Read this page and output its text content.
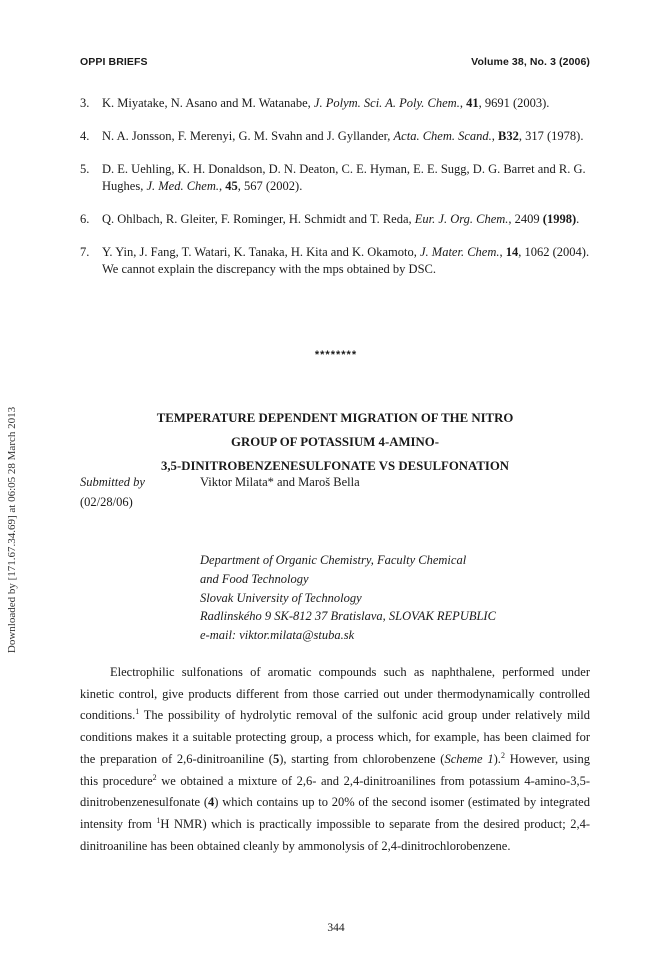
OPPI BRIEFS	Volume 38, No. 3 (2006)
Downloaded by [171.67.34.69] at 06:05 28 March 2013
3. K. Miyatake, N. Asano and M. Watanabe, J. Polym. Sci. A. Poly. Chem., 41, 9691 (2003).
4. N. A. Jonsson, F. Merenyi, G. M. Svahn and J. Gyllander, Acta. Chem. Scand., B32, 317 (1978).
5. D. E. Uehling, K. H. Donaldson, D. N. Deaton, C. E. Hyman, E. E. Sugg, D. G. Barret and R. G. Hughes, J. Med. Chem., 45, 567 (2002).
6. Q. Ohlbach, R. Gleiter, F. Rominger, H. Schmidt and T. Reda, Eur. J. Org. Chem., 2409 (1998).
7. Y. Yin, J. Fang, T. Watari, K. Tanaka, H. Kita and K. Okamoto, J. Mater. Chem., 14, 1062 (2004). We cannot explain the discrepancy with the mps obtained by DSC.
********
TEMPERATURE DEPENDENT MIGRATION OF THE NITRO
GROUP OF POTASSIUM 4-AMINO-
3,5-DINITROBENZENESULFONATE VS DESULFONATION
Submitted by
(02/28/06)
Viktor Milata* and Maroš Bella
Department of Organic Chemistry, Faculty Chemical
and Food Technology
Slovak University of Technology
Radlinského 9 SK-812 37 Bratislava, SLOVAK REPUBLIC
e-mail: viktor.milata@stuba.sk

Electrophilic sulfonations of aromatic compounds such as naphthalene, performed under kinetic control, give products different from those carried out under thermodynamically controlled conditions.$^1$ The possibility of hydrolytic removal of the sulfonic acid group under relatively mild conditions makes it a suitable protecting group, a process which, for example, has been claimed for the preparation of 2,6-dinitroaniline (5), starting from chlorobenzene (Scheme 1).$^2$ However, using this procedure$^2$ we obtained a mixture of 2,6- and 2,4-dinitroanilines from potassium 4-amino-3,5-dinitrobenzenesulfonate (4) which contains up to 20% of the second isomer (estimated by integrated intensity from $^1$H NMR) which is practically impossible to separate from the desired product; 2,4-dinitroaniline has been obtained cleanly by ammonolysis of 2,4-dinitrochlorobenzene.

344
